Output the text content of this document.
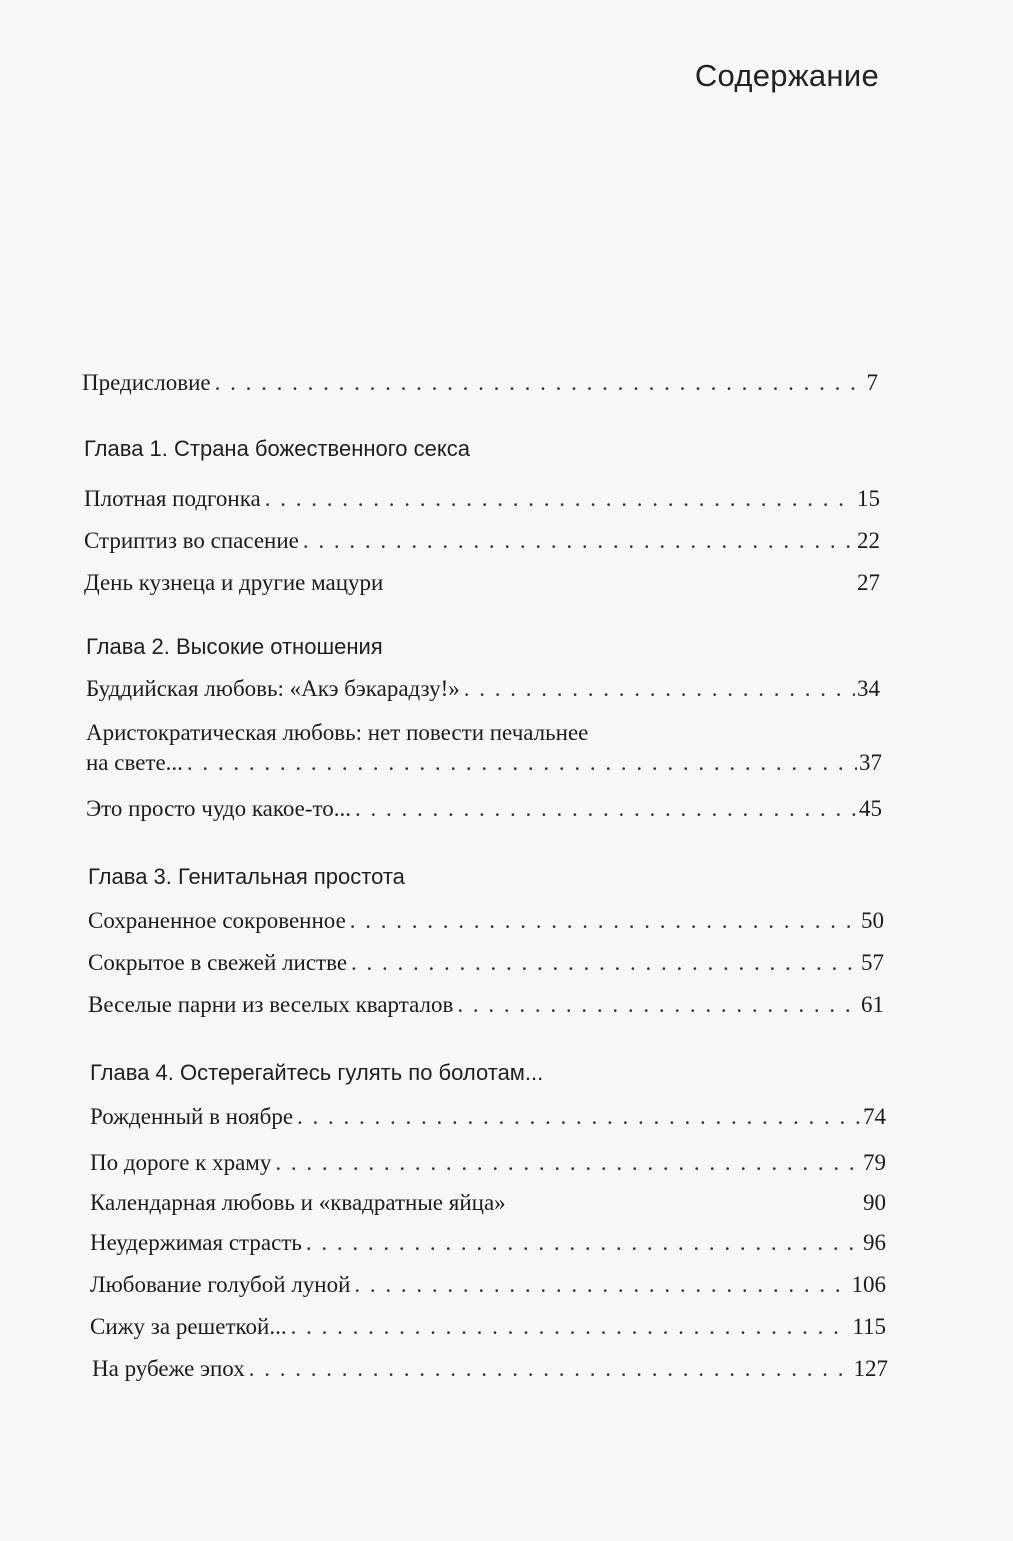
Содержание
Предисловие . . .	7
Глава 1. Страна божественного секса
Плотная подгонка . . .	15
Стриптиз во спасение . . .	22
День кузнеца и другие мацури	27
Глава 2. Высокие отношения
Буддийская любовь: «Акэ бэкарадзу!» . . .	34
Аристократическая любовь: нет повести печальнее
на свете... . . .	37
Это просто чудо какое-то... . . .	45
Глава 3. Генитальная простота
Сохраненное сокровенное . . .	50
Сокрытое в свежей листве . . .	57
Веселые парни из веселых кварталов . . .	61
Глава 4. Остерегайтесь гулять по болотам...
Рожденный в ноябре . . .	74
По дороге к храму . . .	79
Календарная любовь и «квадратные яйца»	90
Неудержимая страсть . . .	96
Любование голубой луной . . .	106
Сижу за решеткой... . . .	115
На рубеже эпох . . .	127
